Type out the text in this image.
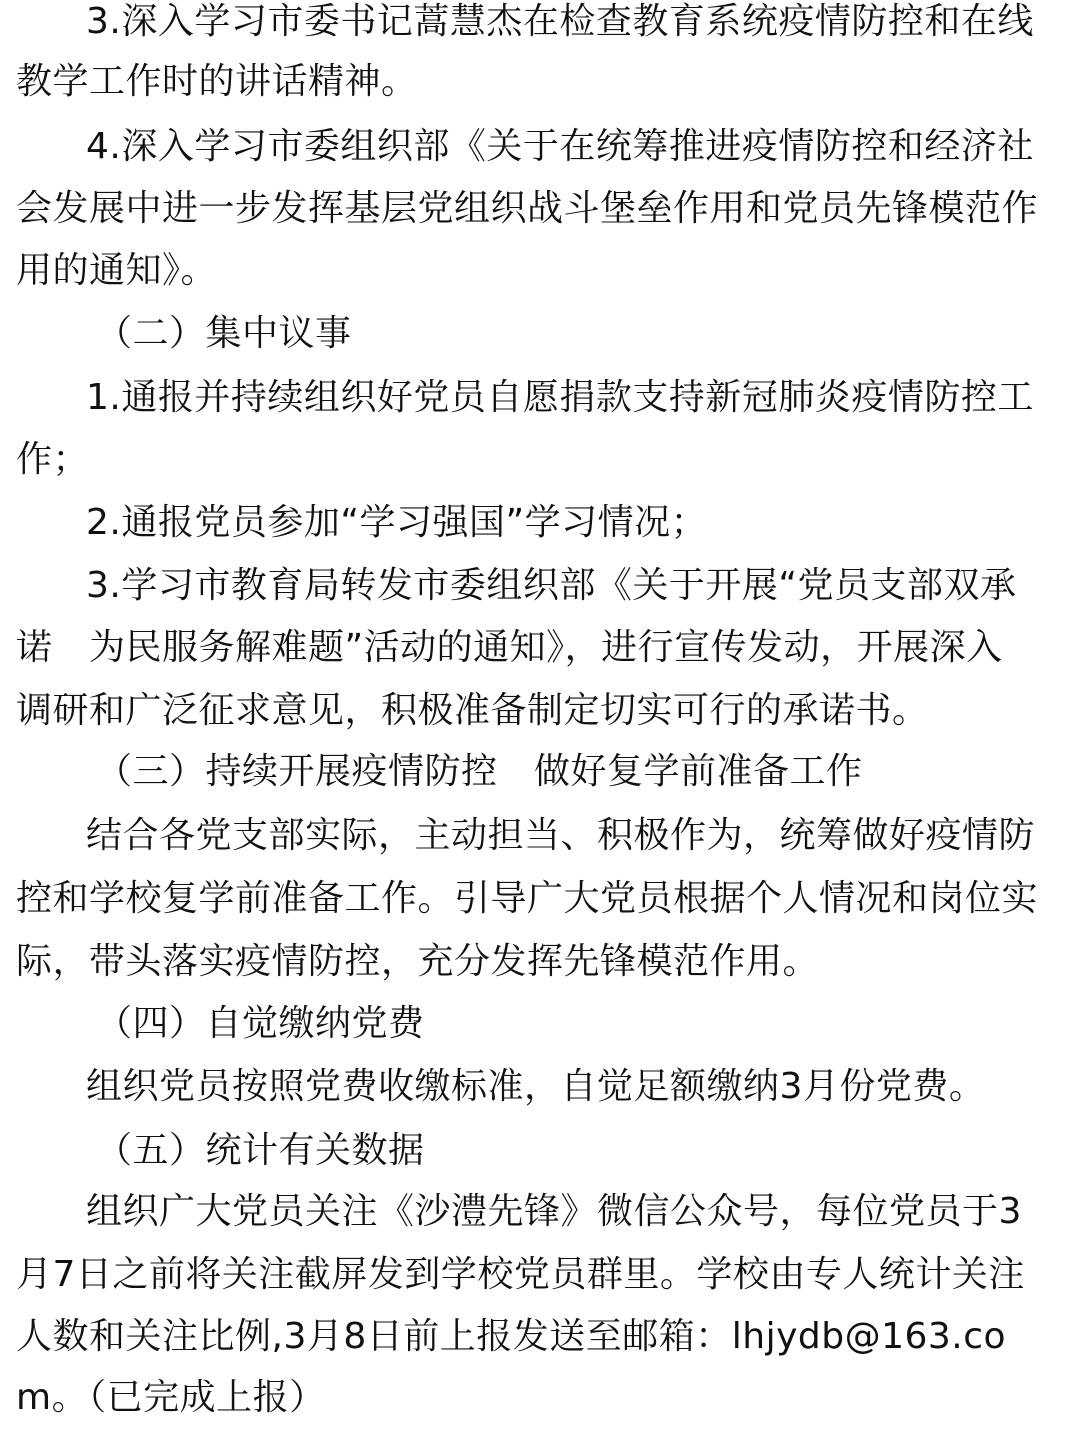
3.深入学习市委书记蒿慧杰在检查教育系统疫情防控和在线
教学工作时的讲话精神。
4.深入学习市委组织部《关于在统筹推进疫情防控和经济社
会发展中进一步发挥基层党组织战斗堡垒作用和党员先锋模范作
用的通知》。
（二）集中议事
1.通报并持续组织好党员自愿捐款支持新冠肺炎疫情防控工
作；
2.通报党员参加“学习强国”学习情况；
3.学习市教育局转发市委组织部《关于开展“党员支部双承
诺　为民服务解难题”活动的通知》，进行宣传发动，开展深入
调研和广泛征求意见，积极准备制定切实可行的承诺书。
（三）持续开展疫情防控　做好复学前准备工作
结合各党支部实际，主动担当、积极作为，统筹做好疫情防
控和学校复学前准备工作。引导广大党员根据个人情况和岗位实
际，带头落实疫情防控，充分发挥先锋模范作用。
（四）自觉缴纳党费
组织党员按照党费收缴标准，自觉足额缴纳3月份党费。
（五）统计有关数据
组织广大党员关注《沙澧先锋》微信公众号，每位党员于3
月7日之前将关注截屏发到学校党员群里。学校由专人统计关注
人数和关注比例,3月8日前上报发送至邮箱：lhjydb@163.co
m。（已完成上报）
